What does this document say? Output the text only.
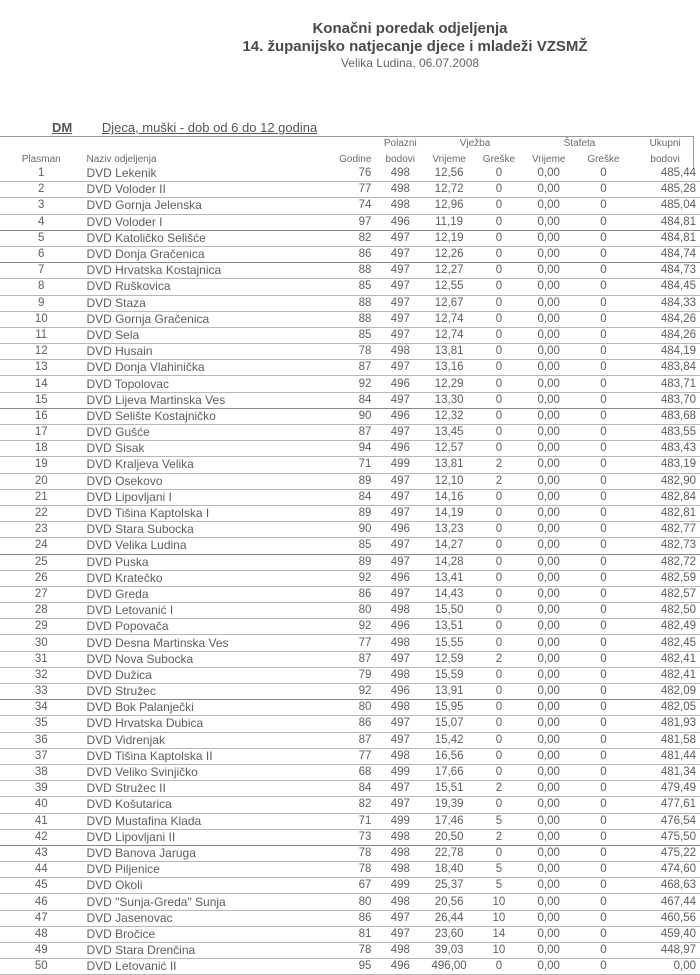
Konačni poredak odjeljenja
14. županijsko natjecanje djece i mladeži VZSMŽ
Velika Ludina, 06.07.2008
DM Djeca, muški - dob od 6 do 12 godina
			Polazni	Vježba		Štafeta		Ukupni
Plasman	Naziv odjeljenja	Godine	bodovi	Vrijeme	Greške	Vrijeme	Greške	bodovi
1	DVD Lekenik	76	498	12,56	0	0,00	0	485,44
2	DVD Voloder II	77	498	12,72	0	0,00	0	485,28
3	DVD Gornja Jelenska	74	498	12,96	0	0,00	0	485,04
4	DVD Voloder I	97	496	11,19	0	0,00	0	484,81
5	DVD Katoličko Selišće	82	497	12,19	0	0,00	0	484,81
6	DVD Donja Gračenica	86	497	12,26	0	0,00	0	484,74
7	DVD Hrvatska Kostajnica	88	497	12,27	0	0,00	0	484,73
8	DVD Ruškovica	85	497	12,55	0	0,00	0	484,45
9	DVD Staza	88	497	12,67	0	0,00	0	484,33
10	DVD Gornja Gračenica	88	497	12,74	0	0,00	0	484,26
11	DVD Sela	85	497	12,74	0	0,00	0	484,26
12	DVD Husain	78	498	13,81	0	0,00	0	484,19
13	DVD Donja Vlahinička	87	497	13,16	0	0,00	0	483,84
14	DVD Topolovac	92	496	12,29	0	0,00	0	483,71
15	DVD Lijeva Martinska Ves	84	497	13,30	0	0,00	0	483,70
16	DVD Selište Kostajničko	90	496	12,32	0	0,00	0	483,68
17	DVD Gušće	87	497	13,45	0	0,00	0	483,55
18	DVD Sisak	94	496	12,57	0	0,00	0	483,43
19	DVD Kraljeva Velika	71	499	13,81	2	0,00	0	483,19
20	DVD Osekovo	89	497	12,10	2	0,00	0	482,90
21	DVD Lipovljani I	84	497	14,16	0	0,00	0	482,84
22	DVD Tišina Kaptolska I	89	497	14,19	0	0,00	0	482,81
23	DVD Stara Subocka	90	496	13,23	0	0,00	0	482,77
24	DVD Velika Ludina	85	497	14,27	0	0,00	0	482,73
25	DVD Puska	89	497	14,28	0	0,00	0	482,72
26	DVD Kratečko	92	496	13,41	0	0,00	0	482,59
27	DVD Greda	86	497	14,43	0	0,00	0	482,57
28	DVD Letovanić I	80	498	15,50	0	0,00	0	482,50
29	DVD Popovača	92	496	13,51	0	0,00	0	482,49
30	DVD Desna Martinska Ves	77	498	15,55	0	0,00	0	482,45
31	DVD Nova Subocka	87	497	12,59	2	0,00	0	482,41
32	DVD Dužica	79	498	15,59	0	0,00	0	482,41
33	DVD Stružec	92	496	13,91	0	0,00	0	482,09
34	DVD Bok Palanječki	80	498	15,95	0	0,00	0	482,05
35	DVD Hrvatska Dubica	86	497	15,07	0	0,00	0	481,93
36	DVD Vidrenjak	87	497	15,42	0	0,00	0	481,58
37	DVD Tišina Kaptolska II	77	498	16,56	0	0,00	0	481,44
38	DVD Veliko Svinjičko	68	499	17,66	0	0,00	0	481,34
39	DVD Stružec II	84	497	15,51	2	0,00	0	479,49
40	DVD Košutarica	82	497	19,39	0	0,00	0	477,61
41	DVD Mustafina Klada	71	499	17,46	5	0,00	0	476,54
42	DVD Lipovljani II	73	498	20,50	2	0,00	0	475,50
43	DVD Banova Jaruga	78	498	22,78	0	0,00	0	475,22
44	DVD Piljenice	78	498	18,40	5	0,00	0	474,60
45	DVD Okoli	67	499	25,37	5	0,00	0	468,63
46	DVD "Sunja-Greda" Sunja	80	498	20,56	10	0,00	0	467,44
47	DVD Jasenovac	86	497	26,44	10	0,00	0	460,56
48	DVD Bročice	81	497	23,60	14	0,00	0	459,40
49	DVD Stara Drenčina	78	498	39,03	10	0,00	0	448,97
50	DVD Letovanić II	95	496	496,00	0	0,00	0	0,00
